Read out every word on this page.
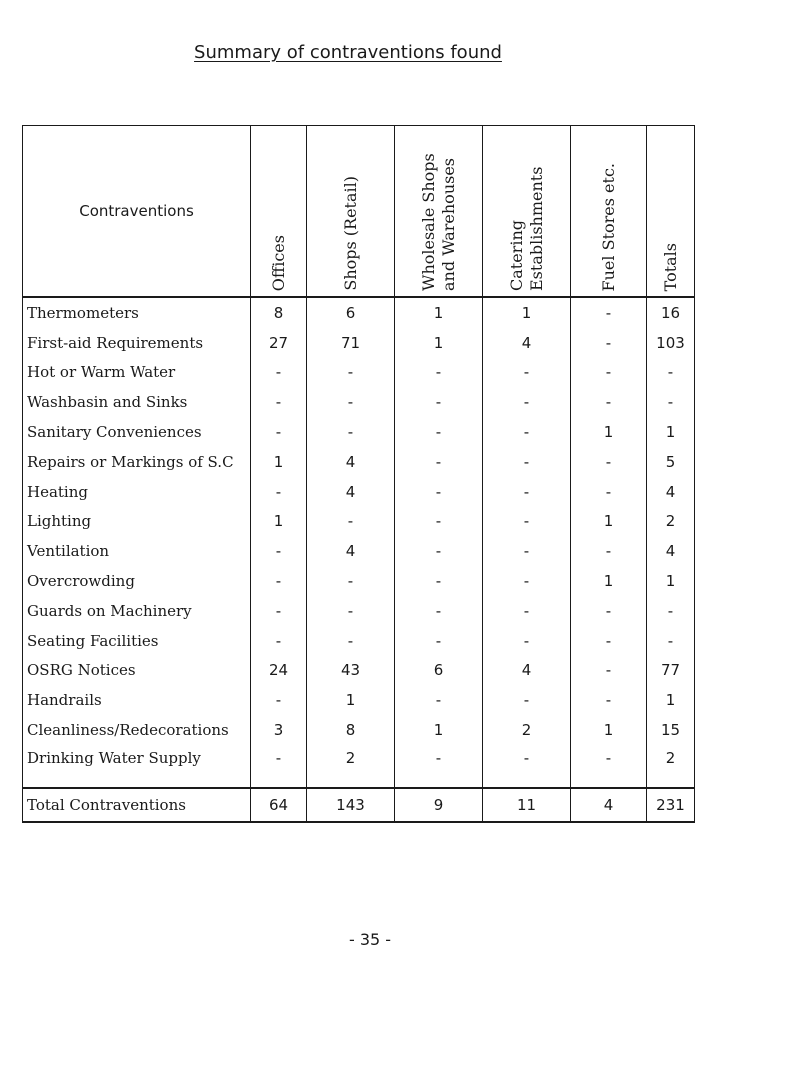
Summary of contraventions found
Contraventions	Offices	Shops (Retail)	Wholesale Shops and Warehouses	Catering Establishments	Fuel Stores etc.	Totals

Thermometers	8	6	1	1	-	16
First-aid Requirements	27	71	1	4	-	103
Hot or Warm Water	-	-	-	-	-	-
Washbasin and Sinks	-	-	-	-	-	-
Sanitary Conveniences	-	-	-	-	1	1
Repairs or Markings of S.C	1	4	-	-	-	5
Heating	-	4	-	-	-	4
Lighting	1	-	-	-	1	2
Ventilation	-	4	-	-	-	4
Overcrowding	-	-	-	-	1	1
Guards on Machinery	-	-	-	-	-	-
Seating Facilities	-	-	-	-	-	-
OSRG Notices	24	43	6	4	-	77
Handrails	-	1	-	-	-	1
Cleanliness/Redecorations	3	8	1	2	1	15
Drinking Water Supply	-	2	-	-	-	2
Total Contraventions	64	143	9	11	4	231
- 35 -
